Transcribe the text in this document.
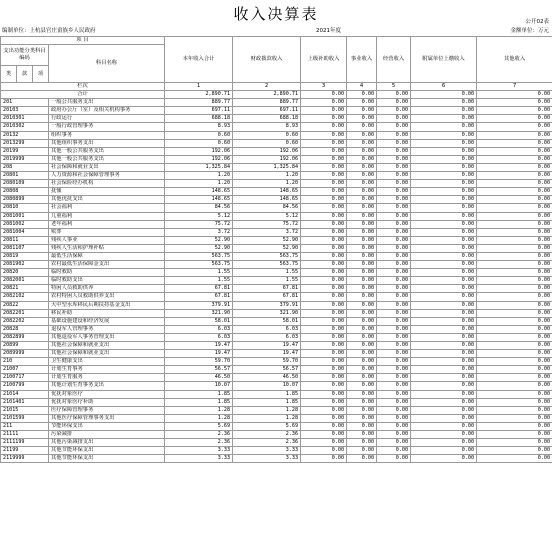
收入决算表	公开02表
编制单位：上杭县官庄畲族乡人民政府	2021年度	金额单位：万元
项 目				本年收入合计	财政拨款收入	上级补助收入	事业收入	经营收入	附属单位上缴收入	其他收入
支出功能分类科目编码			科目名称							
类	款	项								
栏次				1	2	3	4	5	6	7
合计				2,890.71	2,890.71	0.00	0.00	0.00	0.00	0.00
201			一般公共服务支出	889.77	889.77	0.00	0.00	0.00	0.00	0.00
20103			政府办公厅（室）及相关机构事务	697.11	697.11	0.00	0.00	0.00	0.00	0.00
2010301			行政运行	688.18	688.18	0.00	0.00	0.00	0.00	0.00
2010302			一般行政管理事务	8.93	8.93	0.00	0.00	0.00	0.00	0.00
20132			组织事务	0.60	0.60	0.00	0.00	0.00	0.00	0.00
2013299			其他组织事务支出	0.60	0.60	0.00	0.00	0.00	0.00	0.00
20199			其他一般公共服务支出	192.06	192.06	0.00	0.00	0.00	0.00	0.00
2019999			其他一般公共服务支出	192.06	192.06	0.00	0.00	0.00	0.00	0.00
208			社会保障和就业支出	1,325.84	1,325.84	0.00	0.00	0.00	0.00	0.00
20801			人力资源和社会保障管理事务	1.20	1.20	0.00	0.00	0.00	0.00	0.00
2080109			社会保险经办机构	1.20	1.20	0.00	0.00	0.00	0.00	0.00
20808			抚恤	148.65	148.65	0.00	0.00	0.00	0.00	0.00
2080899			其他优抚支出	148.65	148.65	0.00	0.00	0.00	0.00	0.00
20810			社会福利	84.56	84.56	0.00	0.00	0.00	0.00	0.00
2081001			儿童福利	5.12	5.12	0.00	0.00	0.00	0.00	0.00
2081002			老年福利	75.72	75.72	0.00	0.00	0.00	0.00	0.00
2081004			殡葬	3.72	3.72	0.00	0.00	0.00	0.00	0.00
20811			残疾人事业	52.90	52.90	0.00	0.00	0.00	0.00	0.00
2081107			残疾人生活和护理补贴	52.90	52.90	0.00	0.00	0.00	0.00	0.00
20819			最低生活保障	563.75	563.75	0.00	0.00	0.00	0.00	0.00
2081902			农村最低生活保障金支出	563.75	563.75	0.00	0.00	0.00	0.00	0.00
20820			临时救助	1.55	1.55	0.00	0.00	0.00	0.00	0.00
2082001			临时救助支出	1.55	1.55	0.00	0.00	0.00	0.00	0.00
20821			特困人员救助供养	67.81	67.81	0.00	0.00	0.00	0.00	0.00
2082102			农村特困人员救助供养支出	67.81	67.81	0.00	0.00	0.00	0.00	0.00
20822			大中型水库移民后期扶持基金支出	379.91	379.91	0.00	0.00	0.00	0.00	0.00
2082201			移民补助	321.90	321.90	0.00	0.00	0.00	0.00	0.00
2082202			基础设施建设和经济发展	58.01	58.01	0.00	0.00	0.00	0.00	0.00
20828			退役军人管理事务	6.03	6.03	0.00	0.00	0.00	0.00	0.00
2082899			其他退役军人事务管理支出	6.03	6.03	0.00	0.00	0.00	0.00	0.00
20899			其他社会保障和就业支出	19.47	19.47	0.00	0.00	0.00	0.00	0.00
2089999			其他社会保障和就业支出	19.47	19.47	0.00	0.00	0.00	0.00	0.00
210			卫生健康支出	59.70	59.70	0.00	0.00	0.00	0.00	0.00
21007			计划生育事务	56.57	56.57	0.00	0.00	0.00	0.00	0.00
2100717			计划生育服务	46.50	46.50	0.00	0.00	0.00	0.00	0.00
2100799			其他计划生育事务支出	10.07	10.07	0.00	0.00	0.00	0.00	0.00
21014			优抚对象医疗	1.85	1.85	0.00	0.00	0.00	0.00	0.00
2101401			优抚对象医疗补助	1.85	1.85	0.00	0.00	0.00	0.00	0.00
21015			医疗保障管理事务	1.28	1.28	0.00	0.00	0.00	0.00	0.00
2101599			其他医疗保障管理事务支出	1.28	1.28	0.00	0.00	0.00	0.00	0.00
211			节能环保支出	5.69	5.69	0.00	0.00	0.00	0.00	0.00
21111			污染减排	2.36	2.36	0.00	0.00	0.00	0.00	0.00
2111199			其他污染减排支出	2.36	2.36	0.00	0.00	0.00	0.00	0.00
21199			其他节能环保支出	3.33	3.33	0.00	0.00	0.00	0.00	0.00
2119999			其他节能环保支出	3.33	3.33	0.00	0.00	0.00	0.00	0.00
